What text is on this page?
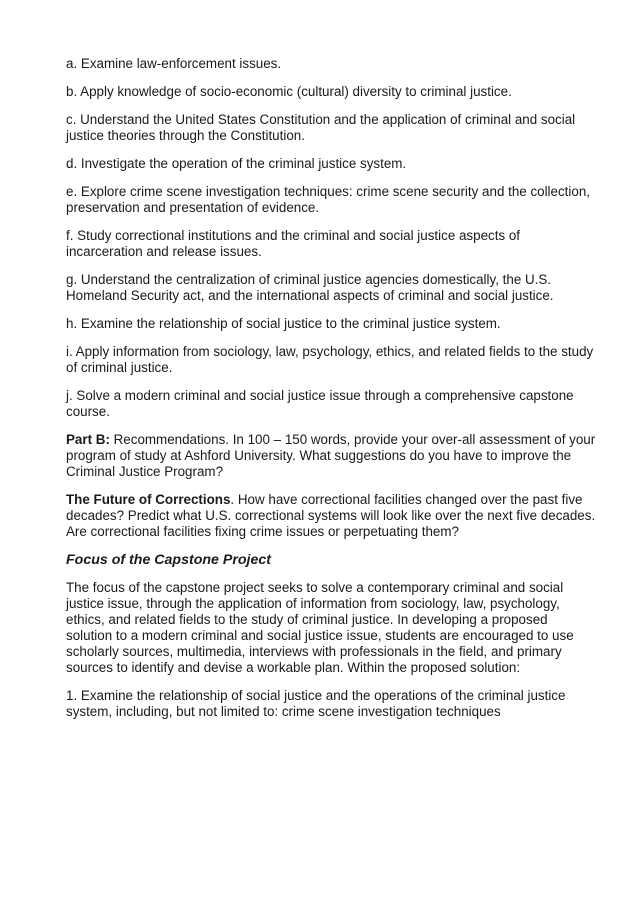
a. Examine law-enforcement issues.

b. Apply knowledge of socio-economic (cultural) diversity to criminal justice.

c. Understand the United States Constitution and the application of criminal and social justice theories through the Constitution.

d. Investigate the operation of the criminal justice system.

e. Explore crime scene investigation techniques: crime scene security and the collection, preservation and presentation of evidence.

f. Study correctional institutions and the criminal and social justice aspects of incarceration and release issues.

g. Understand the centralization of criminal justice agencies domestically, the U.S. Homeland Security act, and the international aspects of criminal and social justice.

h. Examine the relationship of social justice to the criminal justice system.

i. Apply information from sociology, law, psychology, ethics, and related fields to the study of criminal justice.

j. Solve a modern criminal and social justice issue through a comprehensive capstone course.

Part B: Recommendations. In 100 – 150 words, provide your over-all assessment of your program of study at Ashford University. What suggestions do you have to improve the Criminal Justice Program?

The Future of Corrections. How have correctional facilities changed over the past five decades? Predict what U.S. correctional systems will look like over the next five decades. Are correctional facilities fixing crime issues or perpetuating them?

Focus of the Capstone Project

The focus of the capstone project seeks to solve a contemporary criminal and social justice issue, through the application of information from sociology, law, psychology, ethics, and related fields to the study of criminal justice. In developing a proposed solution to a modern criminal and social justice issue, students are encouraged to use scholarly sources, multimedia, interviews with professionals in the field, and primary sources to identify and devise a workable plan. Within the proposed solution:

1. Examine the relationship of social justice and the operations of the criminal justice system, including, but not limited to: crime scene investigation techniques
